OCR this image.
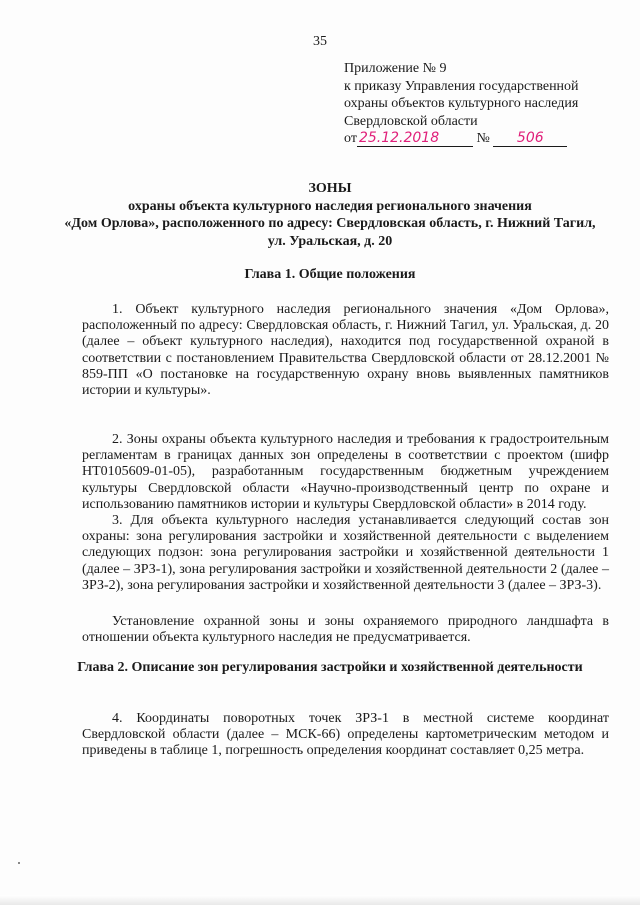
35
Приложение № 9
к приказу Управления государственной
охраны объектов культурного наследия
Свердловской области
от 25.12.2018	№ 506
ЗОНЫ
охраны объекта культурного наследия регионального значения
«Дом Орлова», расположенного по адресу: Свердловская область, г. Нижний Тагил, ул. Уральская, д. 20
Глава 1. Общие положения
1. Объект культурного наследия регионального значения «Дом Орлова», расположенный по адресу: Свердловская область, г. Нижний Тагил, ул. Уральская, д. 20 (далее – объект культурного наследия), находится под государственной охраной в соответствии с постановлением Правительства Свердловской области от 28.12.2001 № 859-ПП «О постановке на государственную охрану вновь выявленных памятников истории и культуры».
2. Зоны охраны объекта культурного наследия и требования к градостроительным регламентам в границах данных зон определены в соответствии с проектом (шифр НТ0105609-01-05), разработанным государственным бюджетным учреждением культуры Свердловской области «Научно-производственный центр по охране и использованию памятников истории и культуры Свердловской области» в 2014 году.
3. Для объекта культурного наследия устанавливается следующий состав зон охраны: зона регулирования застройки и хозяйственной деятельности с выделением следующих подзон: зона регулирования застройки и хозяйственной деятельности 1 (далее – ЗРЗ-1), зона регулирования застройки и хозяйственной деятельности 2 (далее – ЗРЗ-2), зона регулирования застройки и хозяйственной деятельности 3 (далее – ЗРЗ-3).
Установление охранной зоны и зоны охраняемого природного ландшафта в отношении объекта культурного наследия не предусматривается.
Глава 2. Описание зон регулирования застройки и хозяйственной деятельности
4. Координаты поворотных точек ЗРЗ-1 в местной системе координат Свердловской области (далее – МСК-66) определены картометрическим методом и приведены в таблице 1, погрешность определения координат составляет 0,25 метра.
